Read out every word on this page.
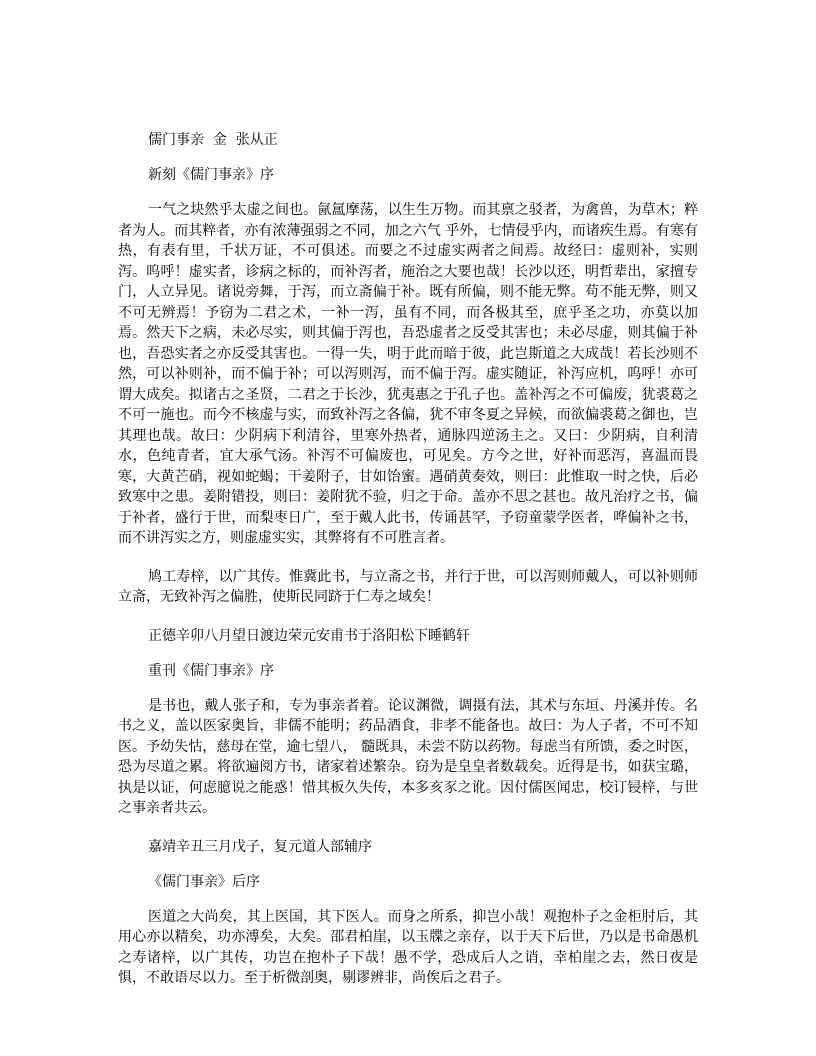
儒门事亲  金  张从正

新刻《儒门事亲》序

一气之块然乎太虚之间也。氤氲摩荡，以生生万物。而其禀之驳者，为禽兽，为草木；粹者为人。而其粹者，亦有浓薄强弱之不同，加之六气 乎外，七情侵乎内，而诸疾生焉。有寒有热，有表有里，千状万证，不可俱述。而要之不过虚实两者之间焉。故经曰：虚则补，实则泻。呜呼！虚实者，诊病之标的，而补泻者，施治之大要也哉！长沙以还，明哲辈出，家擅专门，人立异见。诸说旁舞，于泻，而立斋偏于补。既有所偏，则不能无弊。苟不能无弊，则又不可无辨焉！予窃为二君之术，一补一泻，虽有不同，而各极其至，庶乎圣之功，亦莫以加焉。然天下之病，未必尽实，则其偏于泻也，吾恐虚者之反受其害也；未必尽虚，则其偏于补也，吾恐实者之亦反受其害也。一得一失，明于此而暗于彼，此岂斯道之大成哉！若长沙则不然，可以补则补，而不偏于补；可以泻则泻，而不偏于泻。虚实随证，补泻应机，呜呼！亦可谓大成矣。拟诸古之圣贤，二君之于长沙，犹夷惠之于孔子也。盖补泻之不可偏废，犹裘葛之不可一施也。而今不核虚与实，而致补泻之各偏，犹不审冬夏之异候，而欲偏裘葛之御也，岂其理也哉。故曰：少阴病下利清谷，里寒外热者，通脉四逆汤主之。又曰：少阴病，自利清水，色纯青者，宜大承气汤。补泻不可偏废也，可见矣。方今之世，好补而恶泻，喜温而畏寒，大黄芒硝，视如蛇蝎；干姜附子，甘如饴蜜。遇硝黄奏效，则曰：此惟取一时之快，后必致寒中之患。姜附错投，则曰：姜附犹不验，归之于命。盖亦不思之甚也。故凡治疗之书，偏于补者，盛行于世，而梨枣日广，至于戴人此书，传诵甚罕，予窃童蒙学医者，哗偏补之书，而不讲泻实之方，则虚虚实实，其弊将有不可胜言者。

鸠工寿梓，以广其传。惟冀此书，与立斋之书，并行于世，可以泻则师戴人，可以补则师立斋，无致补泻之偏胜，使斯民同跻于仁寿之域矣！

正德辛卯八月望日渡边荣元安甫书于洛阳松下睡鹤轩

重刊《儒门事亲》序

是书也，戴人张子和，专为事亲者着。论议渊微，调摄有法，其术与东垣、丹溪并传。名书之义，盖以医家奥旨，非儒不能明；药品酒食，非孝不能备也。故曰：为人子者，不可不知医。予幼失怙，慈母在堂，逾七望八， 髓既具，未尝不防以药物。每虑当有所馈，委之时医，恐为尽道之累。将欲遍阅方书，诸家着述繁杂。窃为是皇皇者数载矣。近得是书，如获宝璐，执是以证，何虑臆说之能惑！惜其板久失传，本多亥豕之讹。因付儒医闻忠，校订锓梓，与世之事亲者共云。

嘉靖辛丑三月戊子，复元道人部辅序

《儒门事亲》后序

医道之大尚矣，其上医国，其下医人。而身之所系，抑岂小哉！观抱朴子之金柜肘后，其用心亦以精矣，功亦溥矣，大矣。邵君柏崖，以玉牒之亲存，以于天下后世，乃以是书命愚机之寿诸梓，以广其传，功岂在抱朴子下哉！愚不学，恐成后人之诮，幸柏崖之去，然日夜是惧，不敢语尽以力。至于析微剖奥，剔谬辨非，尚俟后之君子。
